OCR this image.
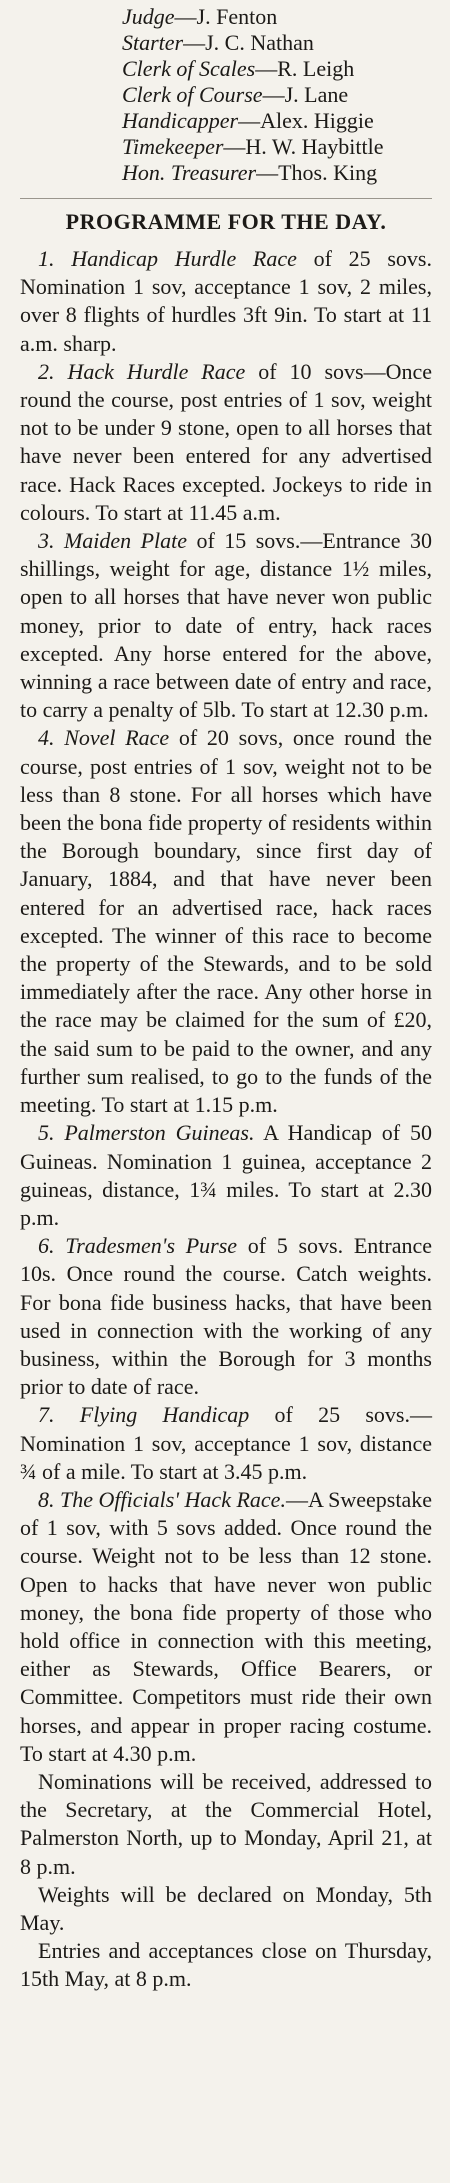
Judge—J. Fenton
Starter—J. C. Nathan
Clerk of Scales—R. Leigh
Clerk of Course—J. Lane
Handicapper—Alex. Higgie
Timekeeper—H. W. Haybittle
Hon. Treasurer—Thos. King
PROGRAMME FOR THE DAY.

1. Handicap Hurdle Race of 25 sovs. Nomination 1 sov, acceptance 1 sov, 2 miles, over 8 flights of hurdles 3ft 9in. To start at 11 a.m. sharp.

2. Hack Hurdle Race of 10 sovs—Once round the course, post entries of 1 sov, weight not to be under 9 stone, open to all horses that have never been entered for any advertised race. Hack Races excepted. Jockeys to ride in colours. To start at 11.45 a.m.

3. Maiden Plate of 15 sovs.—Entrance 30 shillings, weight for age, distance 1½ miles, open to all horses that have never won public money, prior to date of entry, hack races excepted. Any horse entered for the above, winning a race between date of entry and race, to carry a penalty of 5lb. To start at 12.30 p.m.

4. Novel Race of 20 sovs, once round the course, post entries of 1 sov, weight not to be less than 8 stone. For all horses which have been the bona fide property of residents within the Borough boundary, since first day of January, 1884, and that have never been entered for an advertised race, hack races excepted. The winner of this race to become the property of the Stewards, and to be sold immediately after the race. Any other horse in the race may be claimed for the sum of £20, the said sum to be paid to the owner, and any further sum realised, to go to the funds of the meeting. To start at 1.15 p.m.

5. Palmerston Guineas. A Handicap of 50 Guineas. Nomination 1 guinea, acceptance 2 guineas, distance, 1¾ miles. To start at 2.30 p.m.

6. Tradesmen's Purse of 5 sovs. Entrance 10s. Once round the course. Catch weights. For bona fide business hacks, that have been used in connection with the working of any business, within the Borough for 3 months prior to date of race.

7. Flying Handicap of 25 sovs.—Nomination 1 sov, acceptance 1 sov, distance ¾ of a mile. To start at 3.45 p.m.

8. The Officials' Hack Race.—A Sweepstake of 1 sov, with 5 sovs added. Once round the course. Weight not to be less than 12 stone. Open to hacks that have never won public money, the bona fide property of those who hold office in connection with this meeting, either as Stewards, Office Bearers, or Committee. Competitors must ride their own horses, and appear in proper racing costume. To start at 4.30 p.m.

Nominations will be received, addressed to the Secretary, at the Commercial Hotel, Palmerston North, up to Monday, April 21, at 8 p.m.

Weights will be declared on Monday, 5th May.

Entries and acceptances close on Thursday, 15th May, at 8 p.m.
